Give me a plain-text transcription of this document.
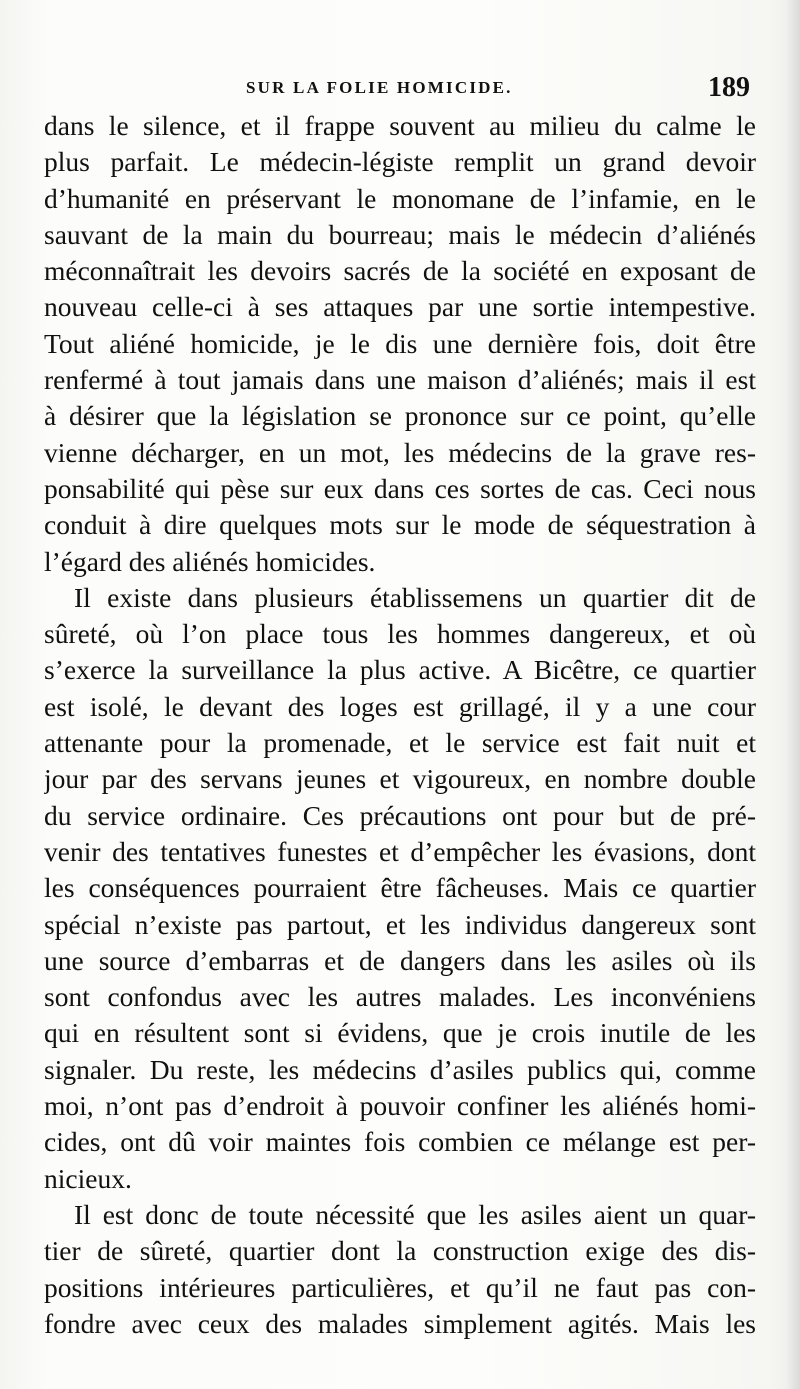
SUR LA FOLIE HOMICIDE.	189
dans le silence, et il frappe souvent au milieu du calme le
plus parfait. Le médecin-légiste remplit un grand devoir
d’humanité en préservant le monomane de l’infamie, en le
sauvant de la main du bourreau; mais le médecin d’aliénés
méconnaîtrait les devoirs sacrés de la société en exposant de
nouveau celle-ci à ses attaques par une sortie intempestive.
Tout aliéné homicide, je le dis une dernière fois, doit être
renfermé à tout jamais dans une maison d’aliénés; mais il est
à désirer que la législation se prononce sur ce point, qu’elle
vienne décharger, en un mot, les médecins de la grave res-
ponsabilité qui pèse sur eux dans ces sortes de cas. Ceci nous
conduit à dire quelques mots sur le mode de séquestration à
l’égard des aliénés homicides.
Il existe dans plusieurs établissemens un quartier dit de
sûreté, où l’on place tous les hommes dangereux, et où
s’exerce la surveillance la plus active. A Bicêtre, ce quartier
est isolé, le devant des loges est grillagé, il y a une cour
attenante pour la promenade, et le service est fait nuit et
jour par des servans jeunes et vigoureux, en nombre double
du service ordinaire. Ces précautions ont pour but de pré-
venir des tentatives funestes et d’empêcher les évasions, dont
les conséquences pourraient être fâcheuses. Mais ce quartier
spécial n’existe pas partout, et les individus dangereux sont
une source d’embarras et de dangers dans les asiles où ils
sont confondus avec les autres malades. Les inconvéniens
qui en résultent sont si évidens, que je crois inutile de les
signaler. Du reste, les médecins d’asiles publics qui, comme
moi, n’ont pas d’endroit à pouvoir confiner les aliénés homi-
cides, ont dû voir maintes fois combien ce mélange est per-
nicieux.
Il est donc de toute nécessité que les asiles aient un quar-
tier de sûreté, quartier dont la construction exige des dis-
positions intérieures particulières, et qu’il ne faut pas con-
fondre avec ceux des malades simplement agités. Mais les
